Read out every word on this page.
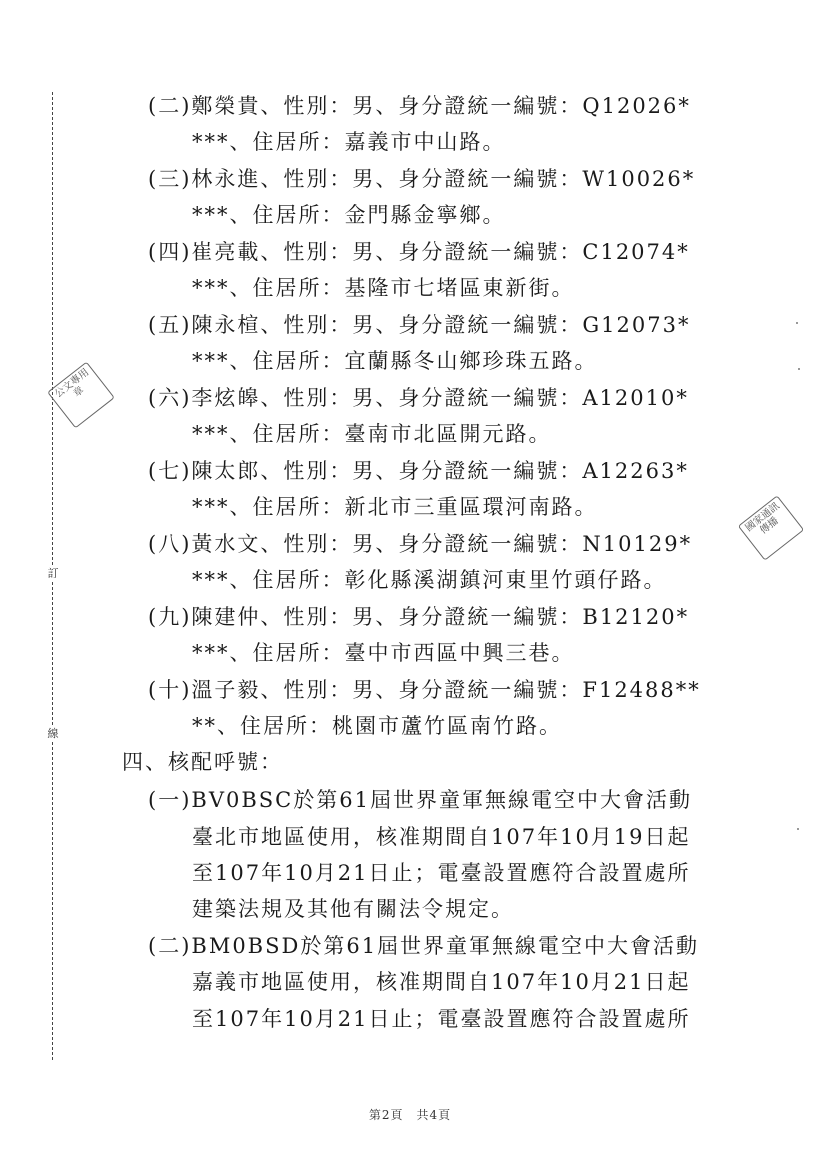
訂
線
公文專用章
國家通訊傳播
(二)鄭榮貴、性別：男、身分證統一編號：Q12026*
***、住居所：嘉義市中山路。
(三)林永進、性別：男、身分證統一編號：W10026*
***、住居所：金門縣金寧鄉。
(四)崔亮載、性別：男、身分證統一編號：C12074*
***、住居所：基隆市七堵區東新街。
(五)陳永楦、性別：男、身分證統一編號：G12073*
***、住居所：宜蘭縣冬山鄉珍珠五路。
(六)李炫皞、性別：男、身分證統一編號：A12010*
***、住居所：臺南市北區開元路。
(七)陳太郎、性別：男、身分證統一編號：A12263*
***、住居所：新北市三重區環河南路。
(八)黃水文、性別：男、身分證統一編號：N10129*
***、住居所：彰化縣溪湖鎮河東里竹頭仔路。
(九)陳建仲、性別：男、身分證統一編號：B12120*
***、住居所：臺中市西區中興三巷。
(十)溫子毅、性別：男、身分證統一編號：F12488**
**、住居所：桃園市蘆竹區南竹路。
四、核配呼號：
(一)BV0BSC於第61屆世界童軍無線電空中大會活動
臺北市地區使用，核准期間自107年10月19日起
至107年10月21日止；電臺設置應符合設置處所
建築法規及其他有關法令規定。
(二)BM0BSD於第61屆世界童軍無線電空中大會活動
嘉義市地區使用，核准期間自107年10月21日起
至107年10月21日止；電臺設置應符合設置處所
第2頁　共4頁
